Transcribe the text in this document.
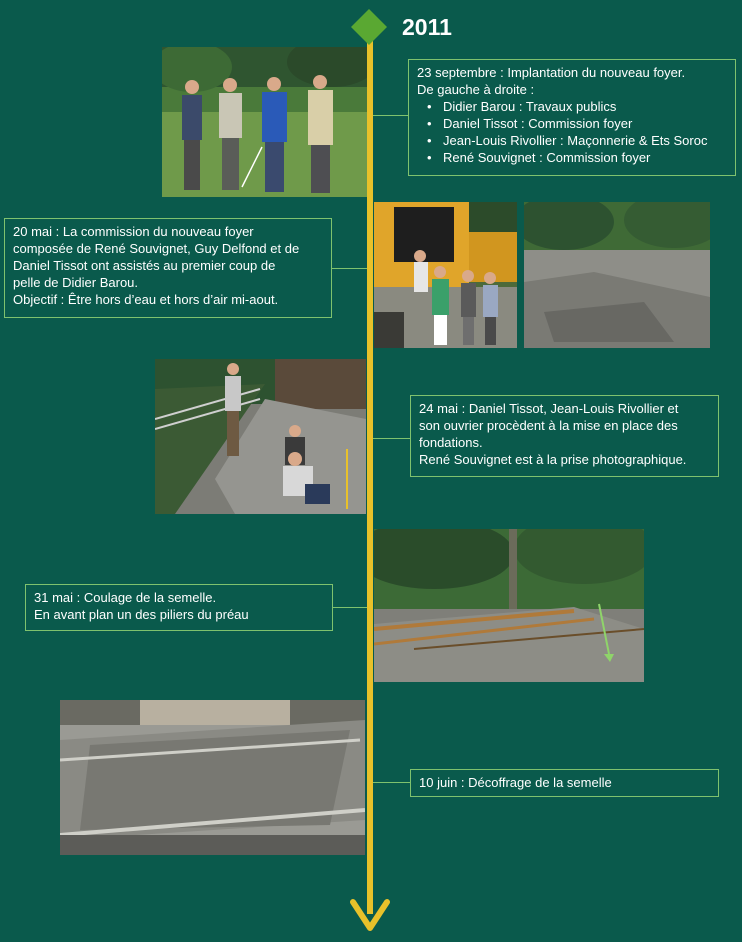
2011

23 septembre : Implantation du nouveau foyer.

De gauche à droite :

• Didier Barou : Travaux publics
• Daniel Tissot : Commission foyer
• Jean-Louis Rivollier : Maçonnerie & Ets Soroc
• René Souvignet : Commission foyer

20 mai : La commission du nouveau foyer

composée de René Souvignet, Guy Delfond et de

Daniel Tissot ont assistés au premier coup de

pelle de Didier Barou.

Objectif : Être hors d’eau et hors d’air mi-aout.

24 mai : Daniel Tissot, Jean-Louis Rivollier et

son ouvrier procèdent à la mise en place des

fondations.

René Souvignet est à la prise photographique.

31 mai : Coulage de la semelle.

En avant plan un des piliers du préau

10 juin : Décoffrage de la semelle
